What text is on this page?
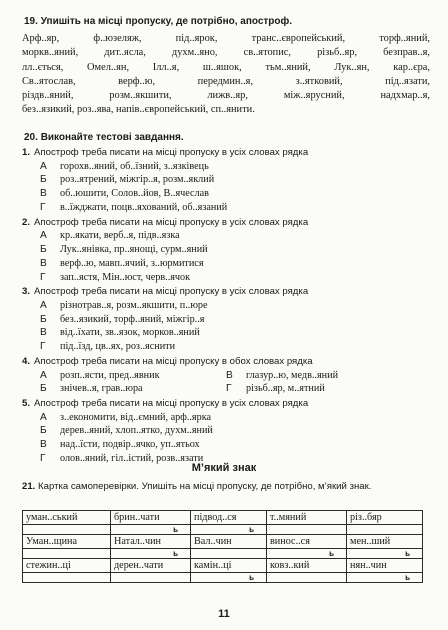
19. Упишіть на місці пропуску, де потрібно, апостроф.
Арф..яр, ф..юзеляж, під..ярок, транс..європейський, торф..яний,
моркв..яний, дит..ясла, духм..яно, св..ятопис, різьб..яр, безправ..я,
лл..ється, Омел..ян, Ілл..я, ш..яшок, тьм..яний, Лук..ян, кар..єра,
Св..ятослав, верф..ю, передмин..я, з..ятковий, під..язати,
різдв..яний, розм..якшити, лижв..яр, між..ярусний, надхмар..я,
без..язикий, роз..ява, напів..європейський, сп..янити.
20. Виконайте тестові завдання.
1. Апостроф треба писати на місці пропуску в усіх словах рядка
А горохв..яний, об..їзний, з..язківець
Б роз..ятрений, міжгір..я, розм..яклий
В об..юшити, Солов..йов, В..ячеслав
Г в..їжджати, поцв..яхований, об..язаний
2. Апостроф треба писати на місці пропуску в усіх словах рядка
А кр..якати, верб..я, підв..язка
Б Лук..янівка, пр..янощі, сурм..яний
В верф..ю, мавп..ячий, з..юрмитися
Г зап..ястя, Мін..юст, черв..ячок
3. Апостроф треба писати на місці пропуску в усіх словах рядка
А різнотрав..я, розм..якшити, п..юре
Б без..язикий, торф..яний, міжгір..я
В від..їхати, зв..язок, морков..яний
Г під..їзд, цв..ях, роз..яснити
4. Апостроф треба писати на місці пропуску в обох словах рядка
А розп..ясти, пред..явник	В глазур..ю, медв..яний
Б знічев..я, грав..юра	Г різьб..яр, м..ятний
5. Апостроф треба писати на місці пропуску в усіх словах рядка
А з..економити, від..ємний, арф..ярка
Б дерев..яний, хлоп..ятко, духм..яний
В над..їсти, подвір..ячко, уп..ятьох
Г олов..яний, гіл..істий, розв..язати
М’який знак
21. Картка самоперевірки. Упишіть на місці пропуску, де потрібно, м’який знак.
уман..ський	брин..чати	підвод..ся	т..мяний	різ..бяр
	ь	ь		
Уман..щина	Натал..чин	Вал..чин	винос..ся	мен..ший
	ь		ь	ь
стежин..ці	дерен..чати	камін..ці	ковз..кий	нян..чин
		ь		ь
11
